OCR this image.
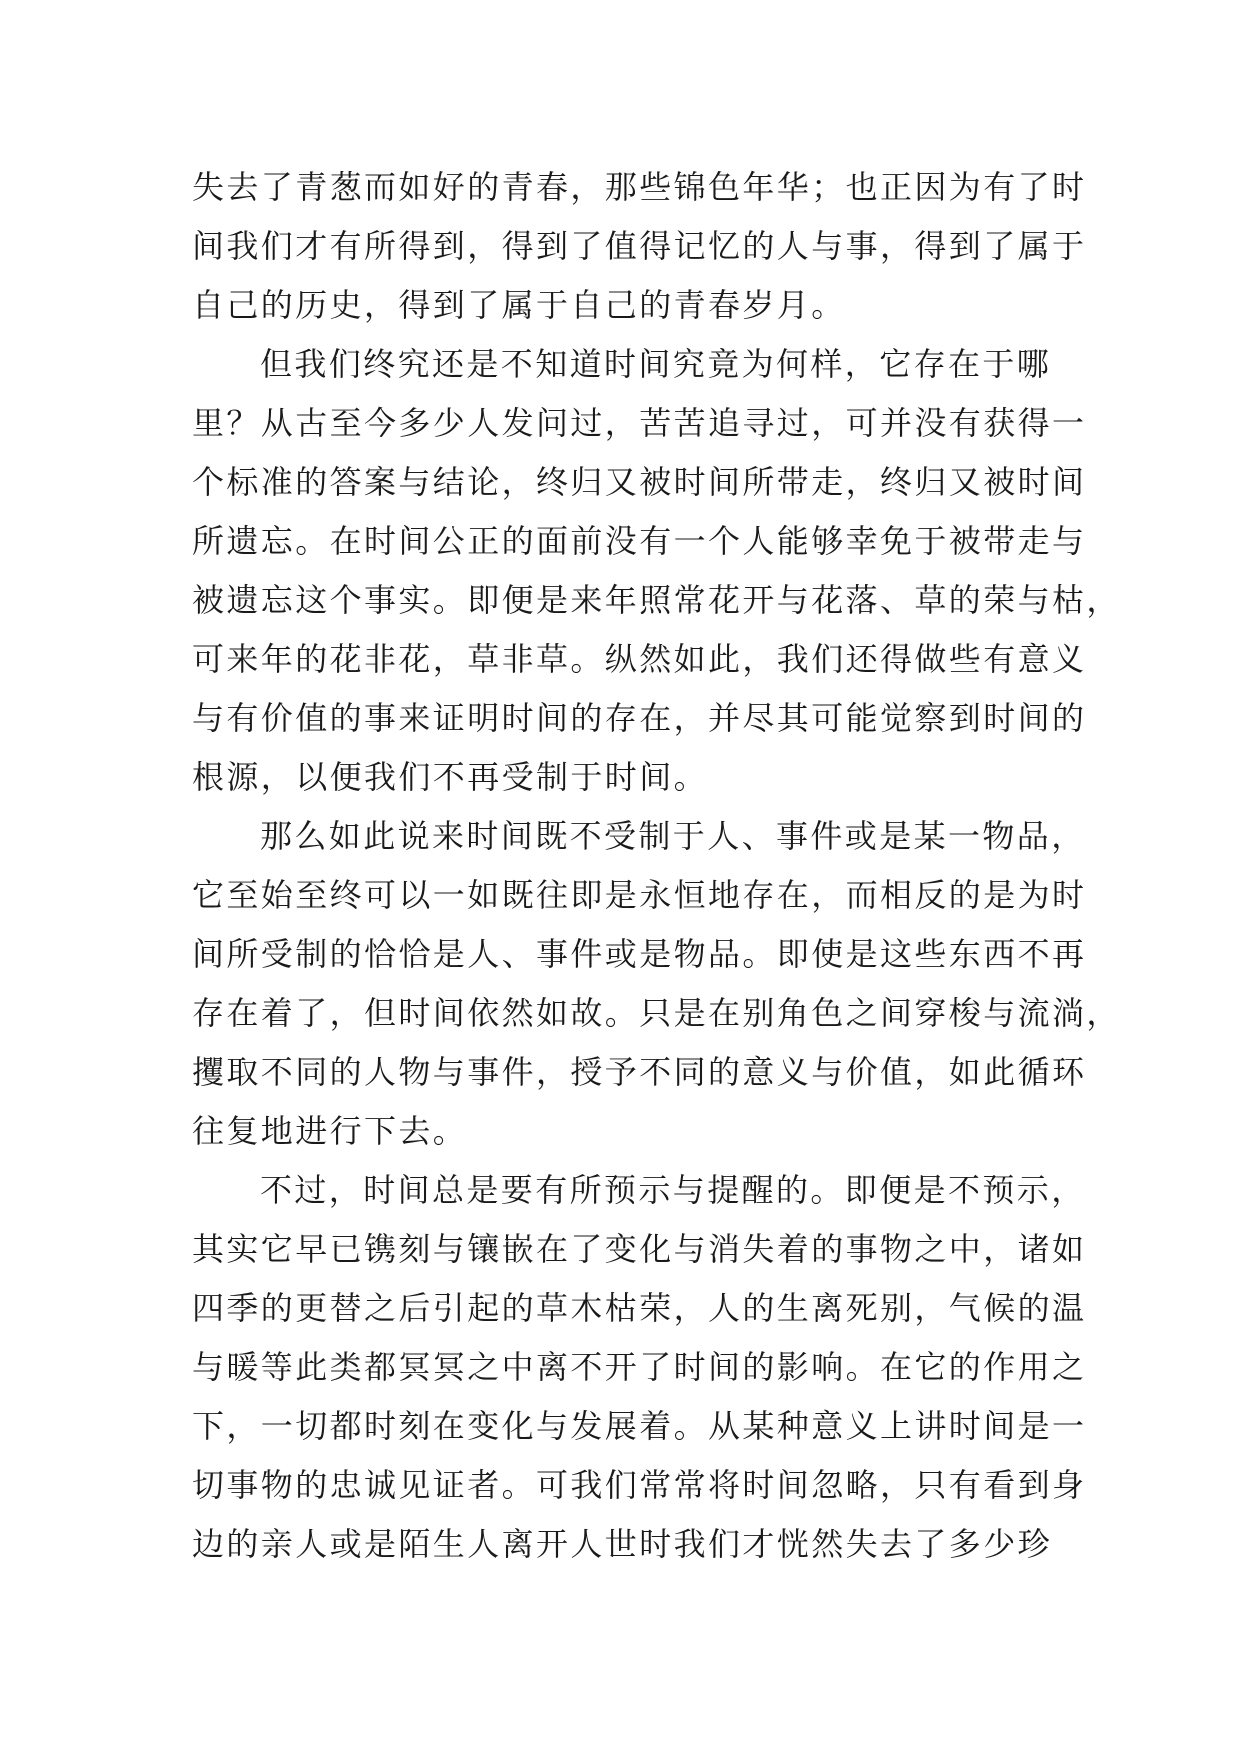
失去了青葱而如好的青春，那些锦色年华；也正因为有了时
间我们才有所得到，得到了值得记忆的人与事，得到了属于
自己的历史，得到了属于自己的青春岁月。
但我们终究还是不知道时间究竟为何样，它存在于哪
里？从古至今多少人发问过，苦苦追寻过，可并没有获得一
个标准的答案与结论，终归又被时间所带走，终归又被时间
所遗忘。在时间公正的面前没有一个人能够幸免于被带走与
被遗忘这个事实。即便是来年照常花开与花落、草的荣与枯，
可来年的花非花，草非草。纵然如此，我们还得做些有意义
与有价值的事来证明时间的存在，并尽其可能觉察到时间的
根源，以便我们不再受制于时间。
那么如此说来时间既不受制于人、事件或是某一物品，
它至始至终可以一如既往即是永恒地存在，而相反的是为时
间所受制的恰恰是人、事件或是物品。即使是这些东西不再
存在着了，但时间依然如故。只是在别角色之间穿梭与流淌，
攫取不同的人物与事件，授予不同的意义与价值，如此循环
往复地进行下去。
不过，时间总是要有所预示与提醒的。即便是不预示，
其实它早已镌刻与镶嵌在了变化与消失着的事物之中，诸如
四季的更替之后引起的草木枯荣，人的生离死别，气候的温
与暖等此类都冥冥之中离不开了时间的影响。在它的作用之
下，一切都时刻在变化与发展着。从某种意义上讲时间是一
切事物的忠诚见证者。可我们常常将时间忽略，只有看到身
边的亲人或是陌生人离开人世时我们才恍然失去了多少珍
